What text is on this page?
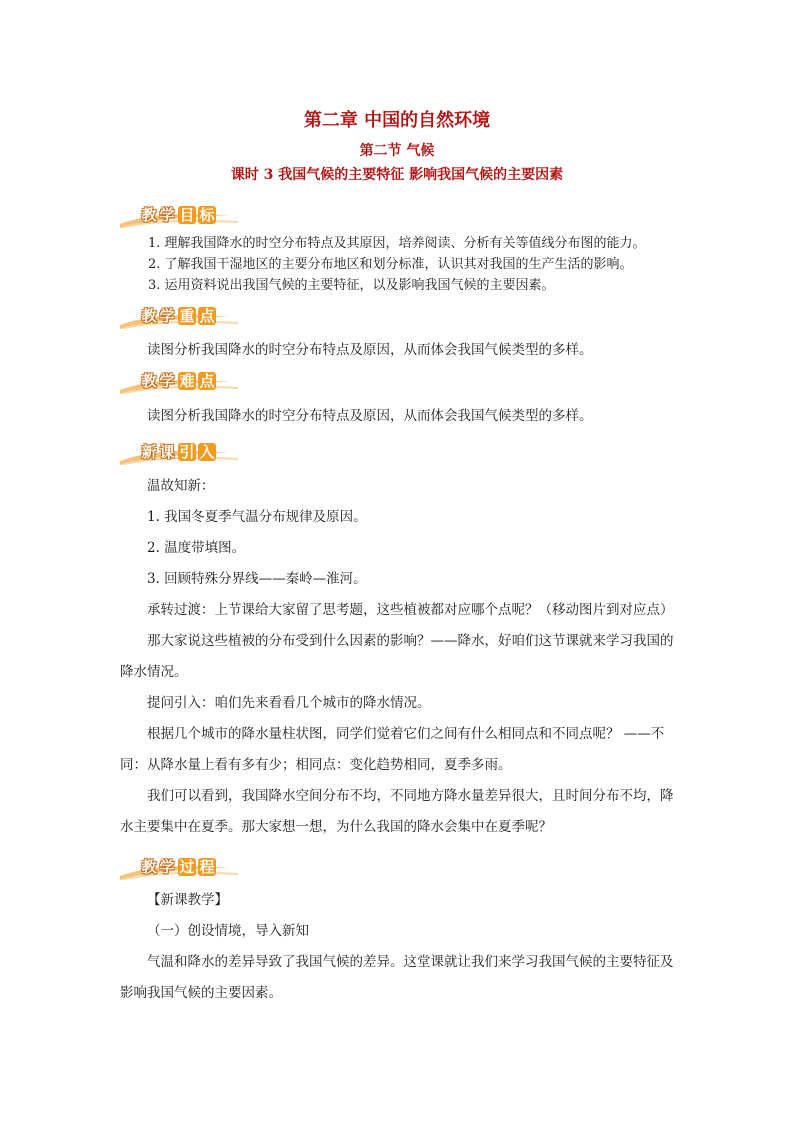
第二章 中国的自然环境
第二节 气候
课时 3 我国气候的主要特征 影响我国气候的主要因素
教 学 目 标
1. 理解我国降水的时空分布特点及其原因，培养阅读、分析有关等值线分布图的能力。
2. 了解我国干湿地区的主要分布地区和划分标准，认识其对我国的生产生活的影响。
3. 运用资料说出我国气候的主要特征，以及影响我国气候的主要因素。
教 学 重 点
读图分析我国降水的时空分布特点及原因，从而体会我国气候类型的多样。
教 学 难 点
读图分析我国降水的时空分布特点及原因，从而体会我国气候类型的多样。
新 课 引 入

温故知新：

1. 我国冬夏季气温分布规律及原因。

2. 温度带填图。

3. 回顾特殊分界线——秦岭—淮河。

承转过渡：上节课给大家留了思考题，这些植被都对应哪个点呢？（移动图片到对应点）

那大家说这些植被的分布受到什么因素的影响？——降水，好咱们这节课就来学习我国的降水情况。

提问引入：咱们先来看看几个城市的降水情况。

根据几个城市的降水量柱状图，同学们觉着它们之间有什么相同点和不同点呢？ ——不同：从降水量上看有多有少；相同点：变化趋势相同，夏季多雨。

我们可以看到，我国降水空间分布不均，不同地方降水量差异很大，且时间分布不均，降水主要集中在夏季。那大家想一想，为什么我国的降水会集中在夏季呢？

教 学 过 程

【新课教学】

（一）创设情境，导入新知

气温和降水的差异导致了我国气候的差异。这堂课就让我们来学习我国气候的主要特征及影响我国气候的主要因素。
